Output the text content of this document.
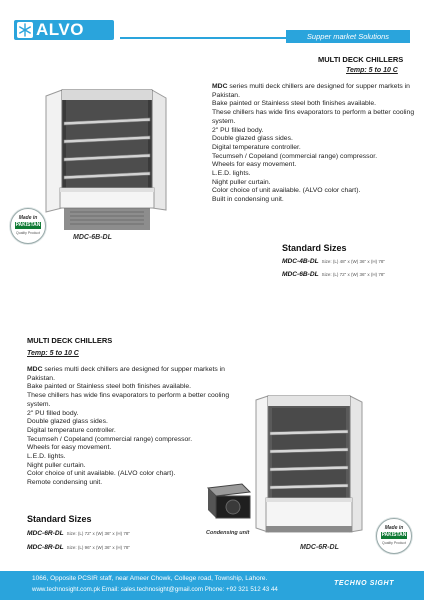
ALVO	Supper market Solutions
MULTI DECK CHILLERS
Temp: 5 to 10 C
Made in
PAKISTAN
Quality Product
MDC-6B-DL
MDC series multi deck chillers are designed for supper markets in Pakistan.
Bake painted or Stainless steel both finishes available.
These chillers has wide fins evaporators to perform a better cooling system.
2" PU filled body.
Double glazed glass sides.
Digital temperature controller.
Tecumseh / Copeland (commercial range) compressor.
Wheels for easy movement.
L.E.D. lights.
Night puller curtain.
Color choice of unit available. (ALVO color chart).
Built in condensing unit.
Standard Sizes
MDC-4B-DL Size: (L) 48" x (W) 36" x (H) 78"
MDC-6B-DL Size: (L) 72" x (W) 36" x (H) 78"
MULTI DECK CHILLERS
Temp: 5 to 10 C
MDC series multi deck chillers are designed for supper markets in Pakistan.
Bake painted or Stainless steel both finishes available.
These chillers has wide fins evaporators to perform a better cooling system.
2" PU filled body.
Double glazed glass sides.
Digital temperature controller.
Tecumseh / Copeland (commercial range) compressor.
Wheels for easy movement.
L.E.D. lights.
Night puller curtain.
Color choice of unit available. (ALVO color chart).
Remote condensing unit.
Standard Sizes
MDC-6R-DL Size: (L) 72" x (W) 36" x (H) 78"
MDC-8R-DL Size: (L) 96" x (W) 36" x (H) 78"
Condensing unit
Made in
PAKISTAN
Quality Product
MDC-6R-DL
1066, Opposite PCSIR staff, near Ameer Chowk, College road, Township, Lahore.
www.technosight.com.pk Email: sales.technosight@gmail.com Phone: +92 321 512 43 44
TECHNO SIGHT
